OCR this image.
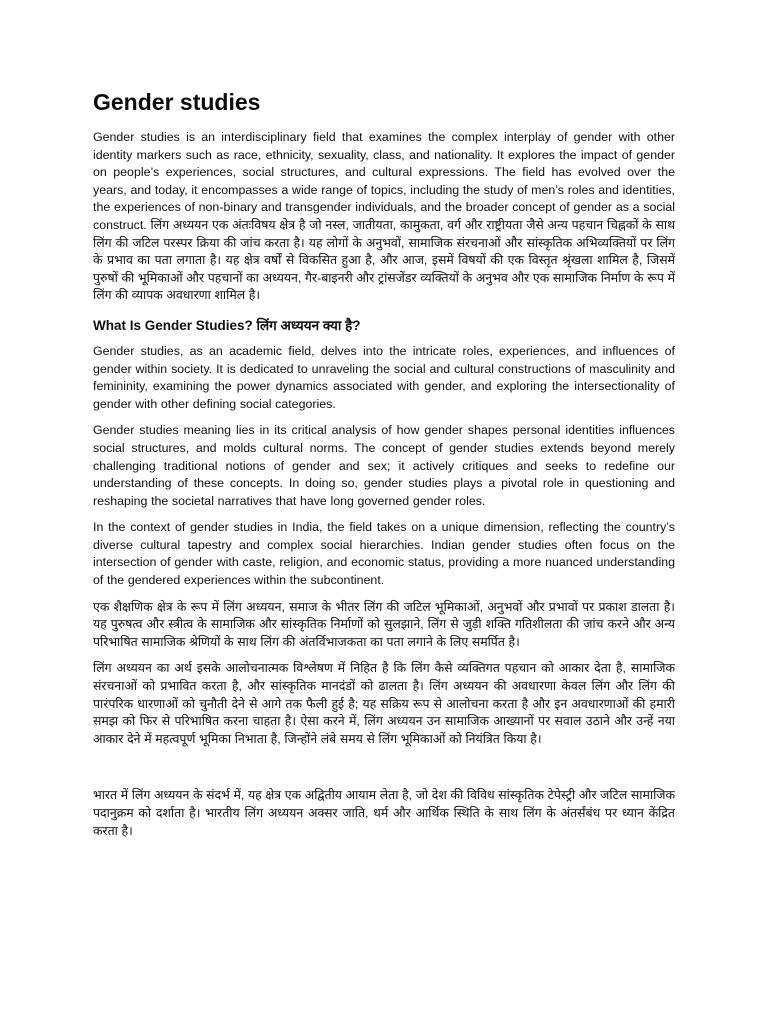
Gender studies

Gender studies is an interdisciplinary field that examines the complex interplay of gender with other identity markers such as race, ethnicity, sexuality, class, and nationality. It explores the impact of gender on people’s experiences, social structures, and cultural expressions. The field has evolved over the years, and today, it encompasses a wide range of topics, including the study of men’s roles and identities, the experiences of non-binary and transgender individuals, and the broader concept of gender as a social construct. लिंग अध्ययन एक अंतःविषय क्षेत्र है जो नस्ल, जातीयता, कामुकता, वर्ग और राष्ट्रीयता जैसे अन्य पहचान चिह्नकों के साथ लिंग की जटिल परस्पर क्रिया की जांच करता है। यह लोगों के अनुभवों, सामाजिक संरचनाओं और सांस्कृतिक अभिव्यक्तियों पर लिंग के प्रभाव का पता लगाता है। यह क्षेत्र वर्षों से विकसित हुआ है, और आज, इसमें विषयों की एक विस्तृत श्रृंखला शामिल है, जिसमें पुरुषों की भूमिकाओं और पहचानों का अध्ययन, गैर-बाइनरी और ट्रांसजेंडर व्यक्तियों के अनुभव और एक सामाजिक निर्माण के रूप में लिंग की व्यापक अवधारणा शामिल है।

What Is Gender Studies? लिंग अध्ययन क्या है?

Gender studies, as an academic field, delves into the intricate roles, experiences, and influences of gender within society. It is dedicated to unraveling the social and cultural constructions of masculinity and femininity, examining the power dynamics associated with gender, and exploring the intersectionality of gender with other defining social categories.

Gender studies meaning lies in its critical analysis of how gender shapes personal identities influences social structures, and molds cultural norms. The concept of gender studies extends beyond merely challenging traditional notions of gender and sex; it actively critiques and seeks to redefine our understanding of these concepts. In doing so, gender studies plays a pivotal role in questioning and reshaping the societal narratives that have long governed gender roles.

In the context of gender studies in India, the field takes on a unique dimension, reflecting the country’s diverse cultural tapestry and complex social hierarchies. Indian gender studies often focus on the intersection of gender with caste, religion, and economic status, providing a more nuanced understanding of the gendered experiences within the subcontinent.

एक शैक्षणिक क्षेत्र के रूप में लिंग अध्ययन, समाज के भीतर लिंग की जटिल भूमिकाओं, अनुभवों और प्रभावों पर प्रकाश डालता है। यह पुरुषत्व और स्त्रीत्व के सामाजिक और सांस्कृतिक निर्माणों को सुलझाने, लिंग से जुड़ी शक्ति गतिशीलता की जांच करने और अन्य परिभाषित सामाजिक श्रेणियों के साथ लिंग की अंतर्विभाजकता का पता लगाने के लिए समर्पित है।

लिंग अध्ययन का अर्थ इसके आलोचनात्मक विश्लेषण में निहित है कि लिंग कैसे व्यक्तिगत पहचान को आकार देता है, सामाजिक संरचनाओं को प्रभावित करता है, और सांस्कृतिक मानदंडों को ढालता है। लिंग अध्ययन की अवधारणा केवल लिंग और लिंग की पारंपरिक धारणाओं को चुनौती देने से आगे तक फैली हुई है; यह सक्रिय रूप से आलोचना करता है और इन अवधारणाओं की हमारी समझ को फिर से परिभाषित करना चाहता है। ऐसा करने में, लिंग अध्ययन उन सामाजिक आख्यानों पर सवाल उठाने और उन्हें नया आकार देने में महत्वपूर्ण भूमिका निभाता है, जिन्होंने लंबे समय से लिंग भूमिकाओं को नियंत्रित किया है।

भारत में लिंग अध्ययन के संदर्भ में, यह क्षेत्र एक अद्वितीय आयाम लेता है, जो देश की विविध सांस्कृतिक टेपेस्ट्री और जटिल सामाजिक पदानुक्रम को दर्शाता है। भारतीय लिंग अध्ययन अक्सर जाति, धर्म और आर्थिक स्थिति के साथ लिंग के अंतर्संबंध पर ध्यान केंद्रित करता है।
